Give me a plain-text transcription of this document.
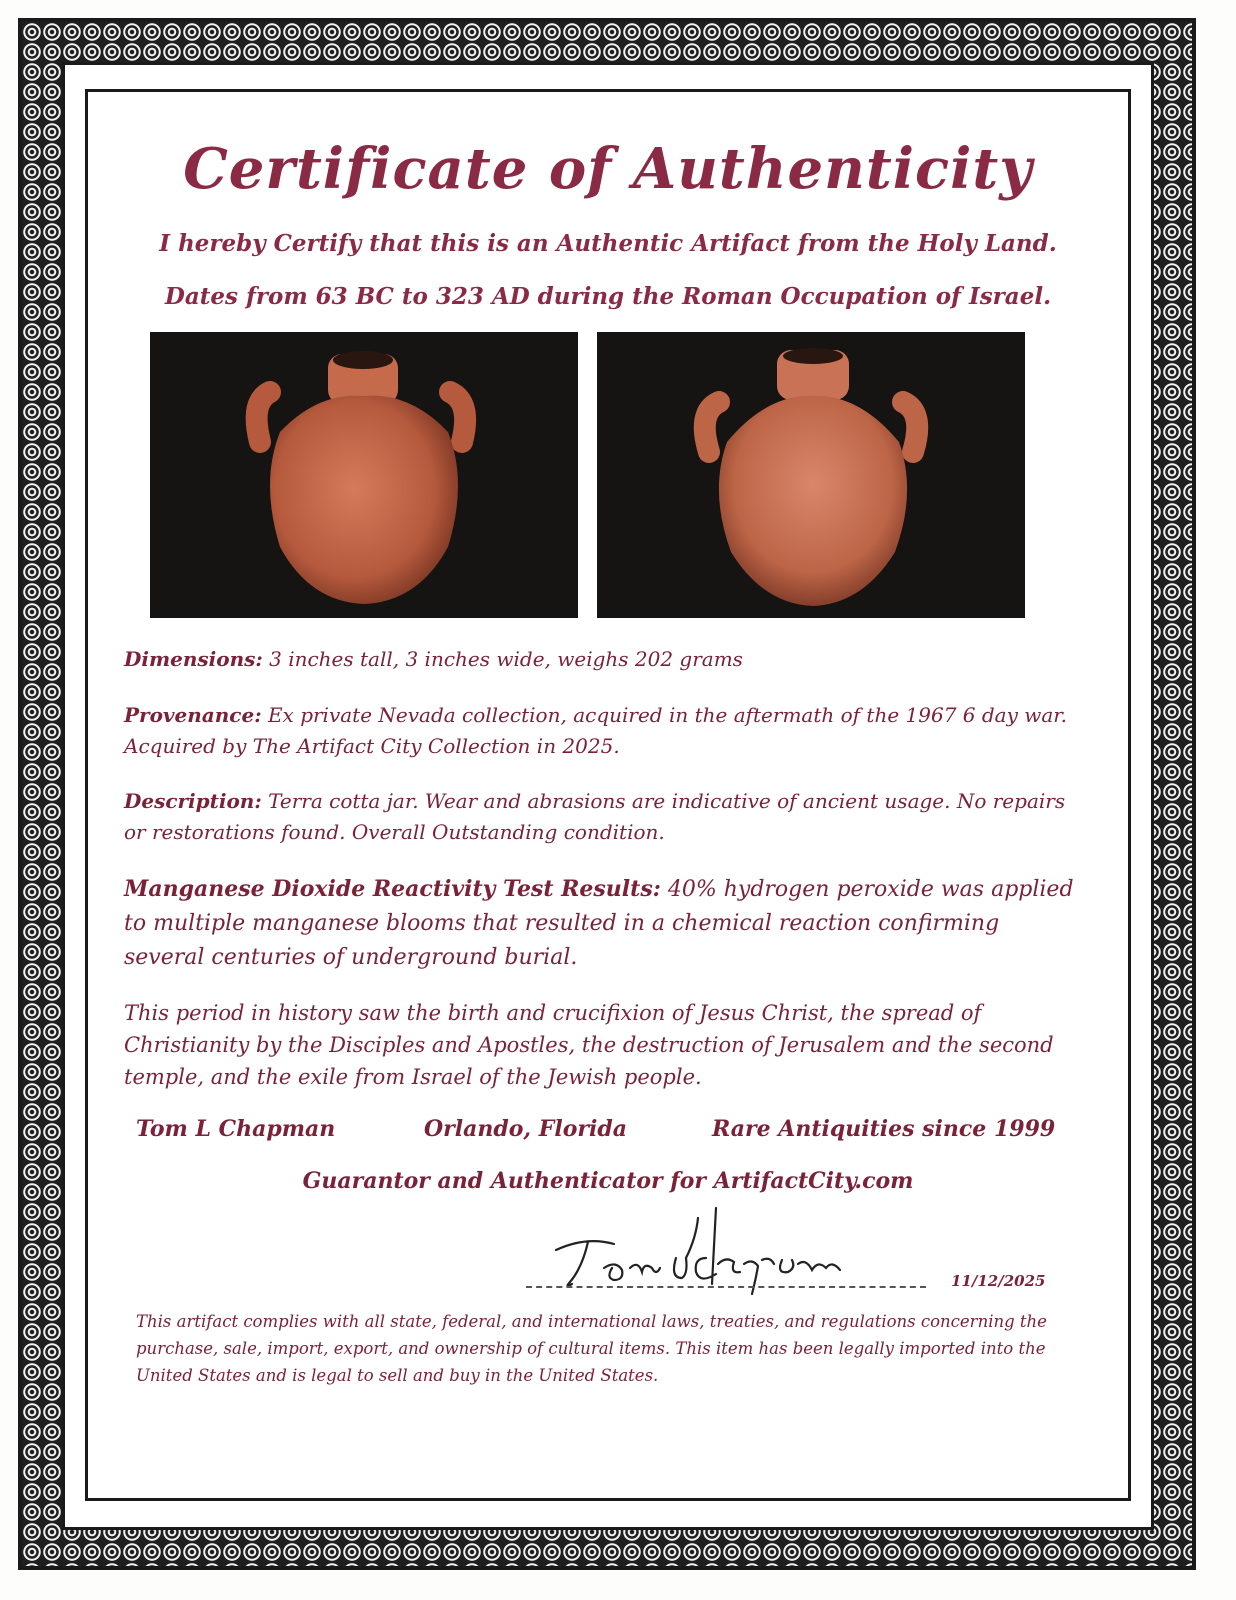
Certificate of Authenticity
I hereby Certify that this is an Authentic Artifact from the Holy Land.
Dates from 63 BC to 323 AD during the Roman Occupation of Israel.
Dimensions: 3 inches tall, 3 inches wide, weighs 202 grams
Provenance: Ex private Nevada collection, acquired in the aftermath of the 1967 6 day war. Acquired by The Artifact City Collection in 2025.
Description: Terra cotta jar. Wear and abrasions are indicative of ancient usage. No repairs or restorations found. Overall Outstanding condition.
Manganese Dioxide Reactivity Test Results: 40% hydrogen peroxide was applied to multiple manganese blooms that resulted in a chemical reaction confirming several centuries of underground burial.
This period in history saw the birth and crucifixion of Jesus Christ, the spread of Christianity by the Disciples and Apostles, the destruction of Jerusalem and the second temple, and the exile from Israel of the Jewish people.
Tom L Chapman	Orlando, Florida	Rare Antiquities since 1999
Guarantor and Authenticator for ArtifactCity.com
11/12/2025
This artifact complies with all state, federal, and international laws, treaties, and regulations concerning the purchase, sale, import, export, and ownership of cultural items. This item has been legally imported into the United States and is legal to sell and buy in the United States.
